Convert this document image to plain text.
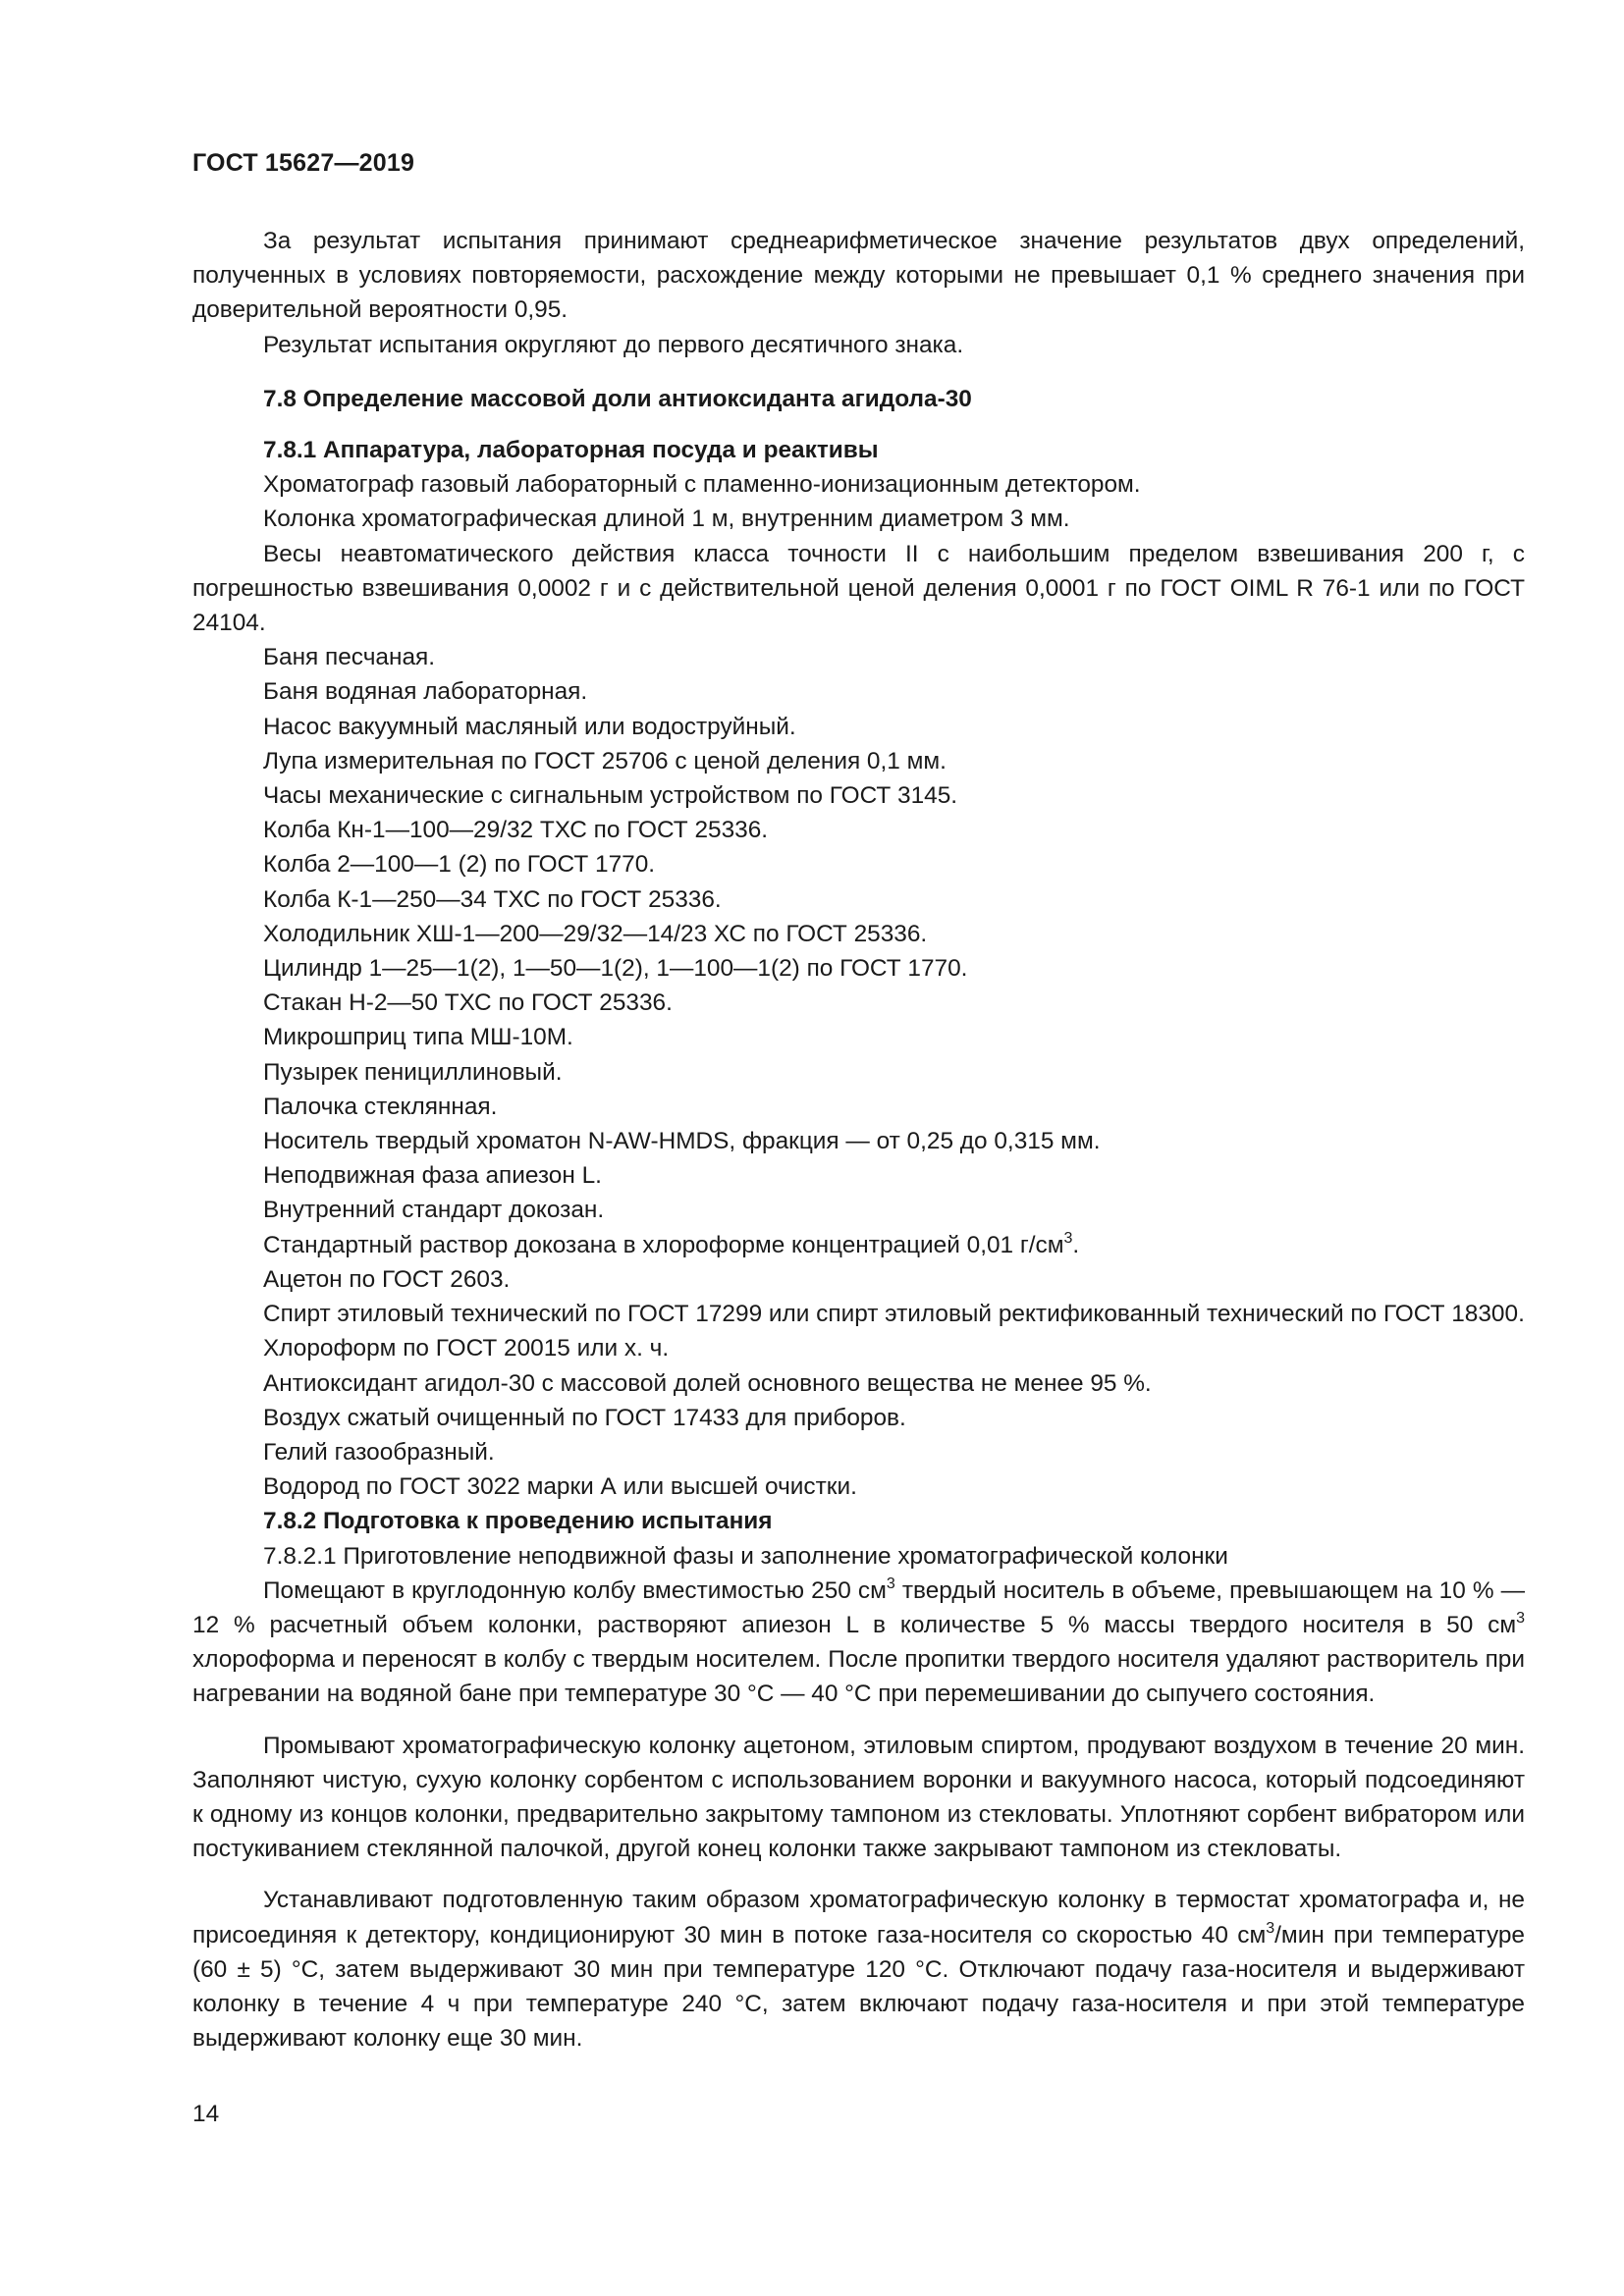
ГОСТ 15627—2019

За результат испытания принимают среднеарифметическое значение результатов двух определений, полученных в условиях повторяемости, расхождение между которыми не превышает 0,1 % среднего значения при доверительной вероятности 0,95.

Результат испытания округляют до первого десятичного знака.

7.8 Определение массовой доли антиоксиданта агидола-30

7.8.1 Аппаратура, лабораторная посуда и реактивы

Хроматограф газовый лабораторный с пламенно-ионизационным детектором.

Колонка хроматографическая длиной 1 м, внутренним диаметром 3 мм.

Весы неавтоматического действия класса точности II с наибольшим пределом взвешивания 200 г, с погрешностью взвешивания 0,0002 г и с действительной ценой деления 0,0001 г по ГОСТ OIML R 76-1 или по ГОСТ 24104.

Баня песчаная.

Баня водяная лабораторная.

Насос вакуумный масляный или водоструйный.

Лупа измерительная по ГОСТ 25706 с ценой деления 0,1 мм.

Часы механические с сигнальным устройством по ГОСТ 3145.

Колба Кн-1—100—29/32 ТХС по ГОСТ 25336.

Колба 2—100—1 (2) по ГОСТ 1770.

Колба К-1—250—34 ТХС по ГОСТ 25336.

Холодильник ХШ-1—200—29/32—14/23 ХС по ГОСТ 25336.

Цилиндр 1—25—1(2), 1—50—1(2), 1—100—1(2) по ГОСТ 1770.

Стакан Н-2—50 ТХС по ГОСТ 25336.

Микрошприц типа МШ-10М.

Пузырек пенициллиновый.

Палочка стеклянная.

Носитель твердый хроматон N-AW-HMDS, фракция — от 0,25 до 0,315 мм.

Неподвижная фаза апиезон L.

Внутренний стандарт докозан.

Стандартный раствор докозана в хлороформе концентрацией 0,01 $г/см^3$.

Ацетон по ГОСТ 2603.

Спирт этиловый технический по ГОСТ 17299 или спирт этиловый ректификованный технический по ГОСТ 18300.

Хлороформ по ГОСТ 20015 или х. ч.

Антиоксидант агидол-30 с массовой долей основного вещества не менее 95 %.

Воздух сжатый очищенный по ГОСТ 17433 для приборов.

Гелий газообразный.

Водород по ГОСТ 3022 марки А или высшей очистки.

7.8.2 Подготовка к проведению испытания

7.8.2.1 Приготовление неподвижной фазы и заполнение хроматографической колонки

Помещают в круглодонную колбу вместимостью 250 $см^3$ твердый носитель в объеме, превышающем на 10 % — 12 % расчетный объем колонки, растворяют апиезон L в количестве 5 % массы твердого носителя в 50 $см^3$ хлороформа и переносят в колбу с твердым носителем. После пропитки твердого носителя удаляют растворитель при нагревании на водяной бане при температуре 30 °С — 40 °С при перемешивании до сыпучего состояния.

Промывают хроматографическую колонку ацетоном, этиловым спиртом, продувают воздухом в течение 20 мин. Заполняют чистую, сухую колонку сорбентом с использованием воронки и вакуумного насоса, который подсоединяют к одному из концов колонки, предварительно закрытому тампоном из стекловаты. Уплотняют сорбент вибратором или постукиванием стеклянной палочкой, другой конец колонки также закрывают тампоном из стекловаты.

Устанавливают подготовленную таким образом хроматографическую колонку в термостат хроматографа и, не присоединяя к детектору, кондиционируют 30 мин в потоке газа-носителя со скоростью 40 $см^3$/мин при температуре (60 ± 5) °С, затем выдерживают 30 мин при температуре 120 °С. Отключают подачу газа-носителя и выдерживают колонку в течение 4 ч при температуре 240 °С, затем включают подачу газа-носителя и при этой температуре выдерживают колонку еще 30 мин.

14
